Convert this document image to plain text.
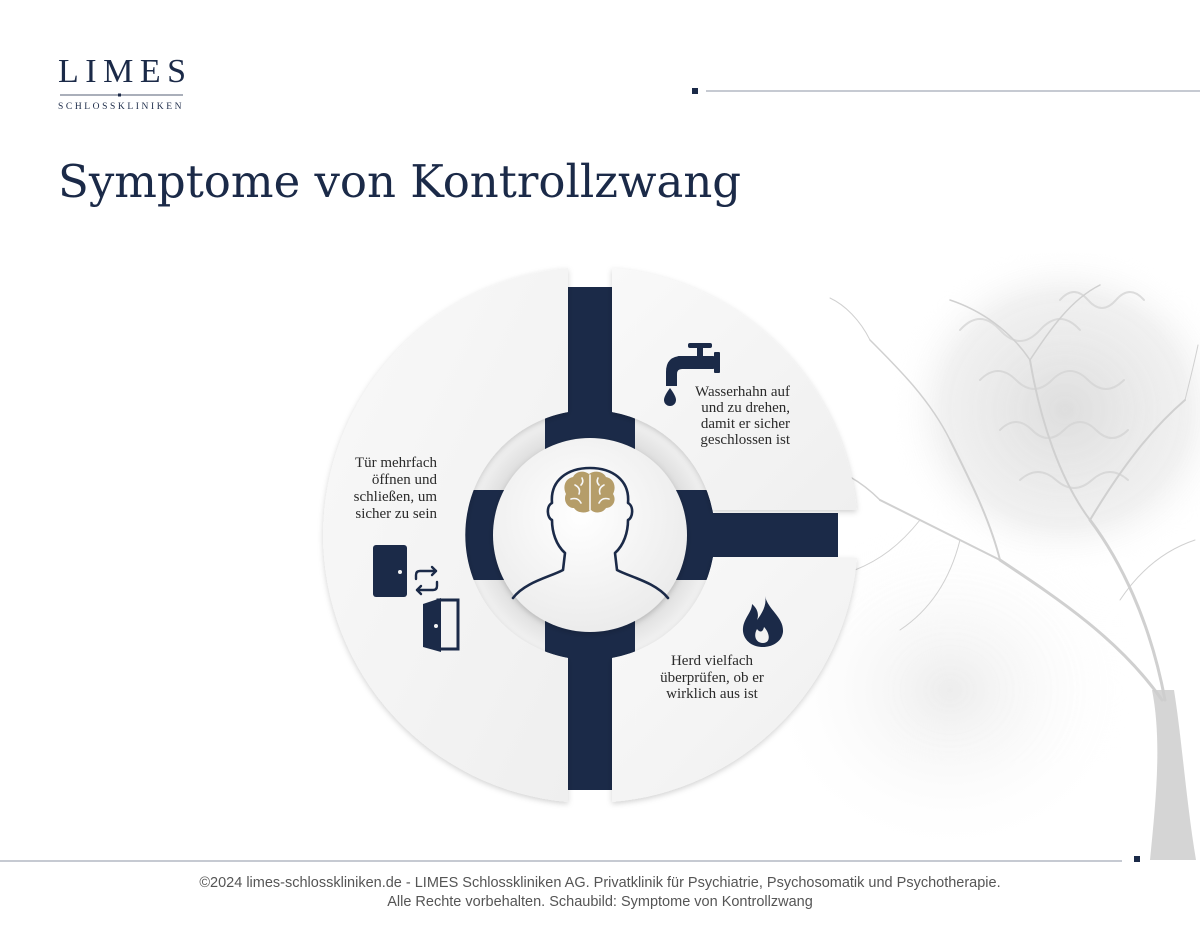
LIMES
SCHLOSSKLINIKEN
Symptome von Kontrollzwang
Wasserhahn auf
und zu drehen,
damit er sicher
geschlossen ist
Tür mehrfach
öffnen und
schließen, um
sicher zu sein
Herd vielfach
überprüfen, ob er
wirklich aus ist
©2024 limes-schlosskliniken.de - LIMES Schlosskliniken AG. Privatklinik für Psychiatrie, Psychosomatik und Psychotherapie.
Alle Rechte vorbehalten. Schaubild: Symptome von Kontrollzwang
